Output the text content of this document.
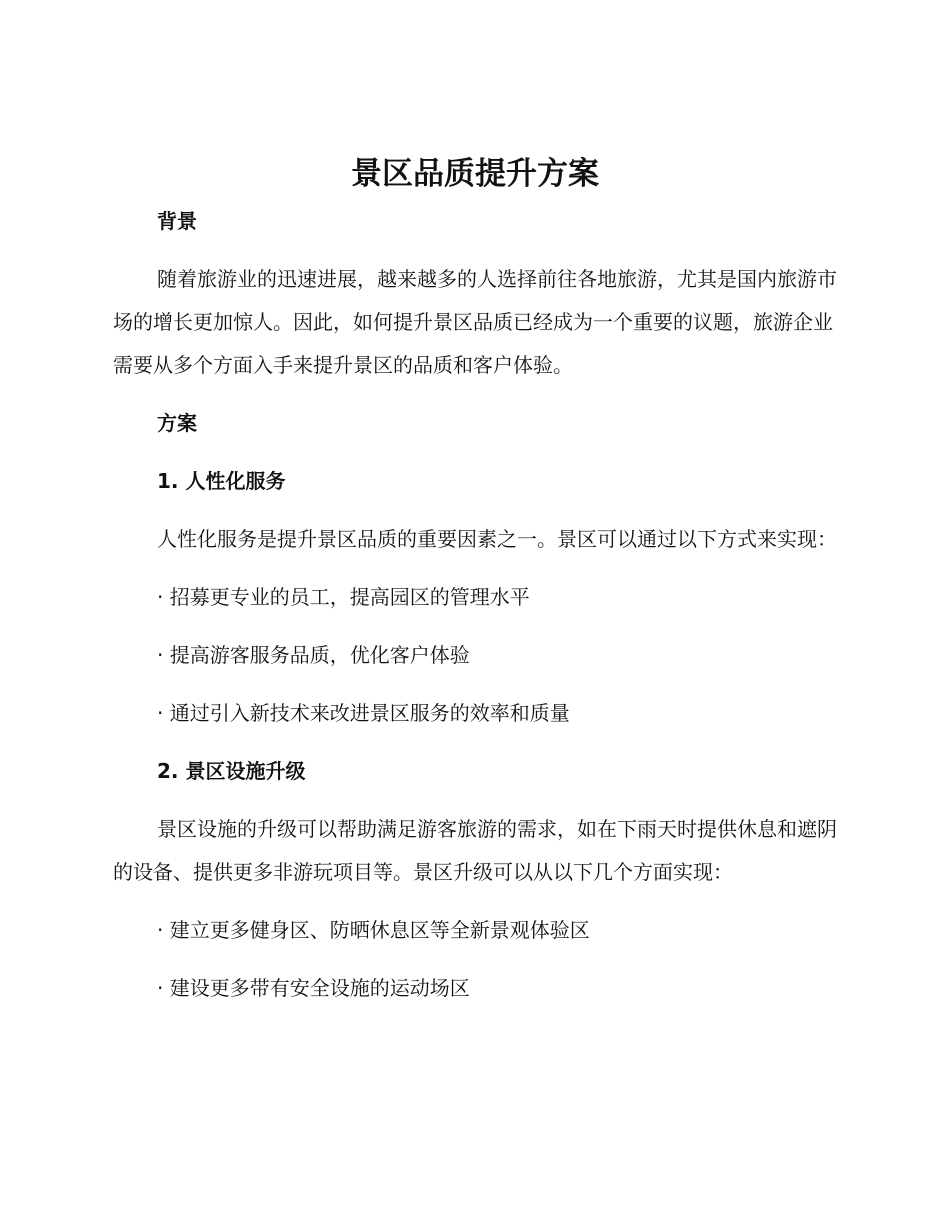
景区品质提升方案
背景
随着旅游业的迅速进展，越来越多的人选择前往各地旅游，尤其是国内旅游市场的增长更加惊人。因此，如何提升景区品质已经成为一个重要的议题，旅游企业需要从多个方面入手来提升景区的品质和客户体验。
方案
1. 人性化服务
人性化服务是提升景区品质的重要因素之一。景区可以通过以下方式来实现：
· 招募更专业的员工，提高园区的管理水平
· 提高游客服务品质，优化客户体验
· 通过引入新技术来改进景区服务的效率和质量
2. 景区设施升级
景区设施的升级可以帮助满足游客旅游的需求，如在下雨天时提供休息和遮阴的设备、提供更多非游玩项目等。景区升级可以从以下几个方面实现：
· 建立更多健身区、防晒休息区等全新景观体验区
· 建设更多带有安全设施的运动场区
